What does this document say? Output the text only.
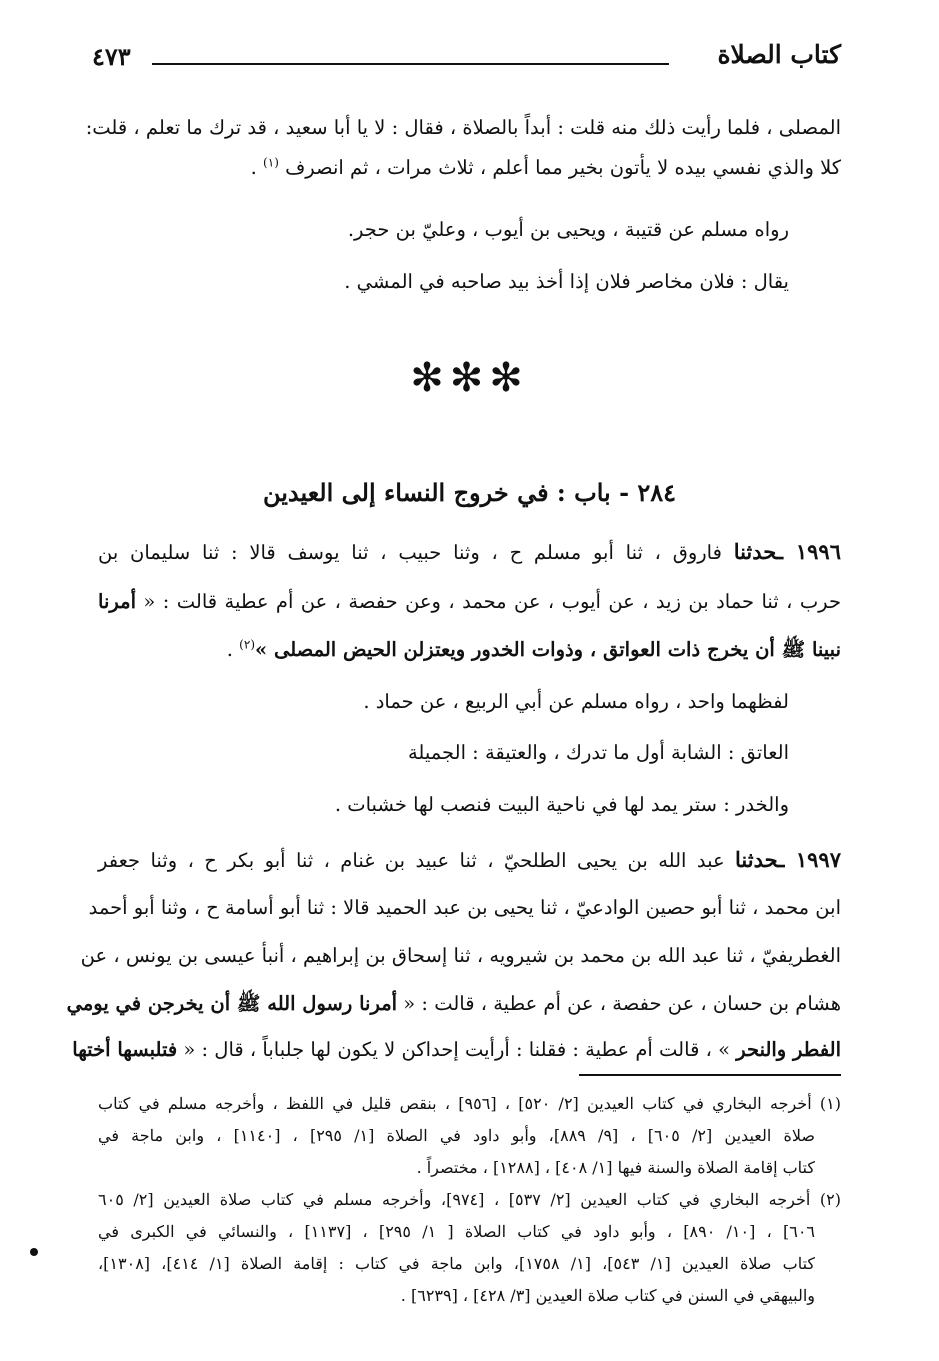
كتاب الصلاة
٤٧٣
المصلى ، فلما رأيت ذلك منه قلت : أبداً بالصلاة ، فقال : لا يا أبا سعيد ، قد ترك ما تعلم ، قلت:
كلا والذي نفسي بيده لا يأتون بخير مما أعلم ، ثلاث مرات ، ثم انصرف $^{(١)}$ .
رواه مسلم عن قتيبة ، ويحيى بن أيوب ، وعليّ بن حجر.
يقال : فلان مخاصر فلان إذا أخذ بيد صاحبه في المشي .
✻✻✻
٢٨٤ - باب : في خروج النساء إلى العيدين
١٩٩٦ ـحدثنا فاروق ، ثنا أبو مسلم ح ، وثنا حبيب ، ثنا يوسف قالا : ثنا سليمان بن
حرب ، ثنا حماد بن زيد ، عن أيوب ، عن محمد ، وعن حفصة ، عن أم عطية قالت : « أمرنا
نبينا ﷺ أن يخرج ذات العواتق ، وذوات الخدور ويعتزلن الحيض المصلى »$^{(٢)}$ .
لفظهما واحد ، رواه مسلم عن أبي الربيع ، عن حماد .
العاتق : الشابة أول ما تدرك ، والعتيقة : الجميلة
والخدر : ستر يمد لها في ناحية البيت فنصب لها خشبات .
١٩٩٧ ـحدثنا عبد الله بن يحيى الطلحيّ ، ثنا عبيد بن غنام ، ثنا أبو بكر ح ، وثنا جعفر
ابن محمد ، ثنا أبو حصين الوادعيّ ، ثنا يحيى بن عبد الحميد قالا : ثنا أبو أسامة ح ، وثنا أبو أحمد
الغطريفيّ ، ثنا عبد الله بن محمد بن شيرويه ، ثنا إسحاق بن إبراهيم ، أنبأ عيسى بن يونس ، عن
هشام بن حسان ، عن حفصة ، عن أم عطية ، قالت : « أمرنا رسول الله ﷺ أن يخرجن في يومي
الفطر والنحر » ، قالت أم عطية : فقلنا : أرأيت إحداكن لا يكون لها جلباباً ، قال : « فتلبسها أختها
(١) أخرجه البخاري في كتاب العيدين [٢/ ٥٢٠] ، [٩٥٦] ، بنقص قليل في اللفظ ، وأخرجه مسلم في كتاب
صلاة العيدين [٢/ ٦٠٥] ، [٩/ ٨٨٩]، وأبو داود في الصلاة [١/ ٢٩٥] ، [١١٤٠] ، وابن ماجة في
كتاب إقامة الصلاة والسنة فيها [١/ ٤٠٨] ، [١٢٨٨] ، مختصراً .
(٢) أخرجه البخاري في كتاب العيدين [٢/ ٥٣٧] ، [٩٧٤]، وأخرجه مسلم في كتاب صلاة العيدين [٢/ ٦٠٥
٦٠٦] ، [١٠/ ٨٩٠] ، وأبو داود في كتاب الصلاة [ ١/ ٢٩٥] ، [١١٣٧] ، والنسائي في الكبرى في
كتاب صلاة العيدين [١/ ٥٤٣]، [١/ ١٧٥٨]، وابن ماجة في كتاب : إقامة الصلاة [١/ ٤١٤]، [١٣٠٨]،
والبيهقي في السنن في كتاب صلاة العيدين [٣/ ٤٢٨] ، [٦٢٣٩] .
